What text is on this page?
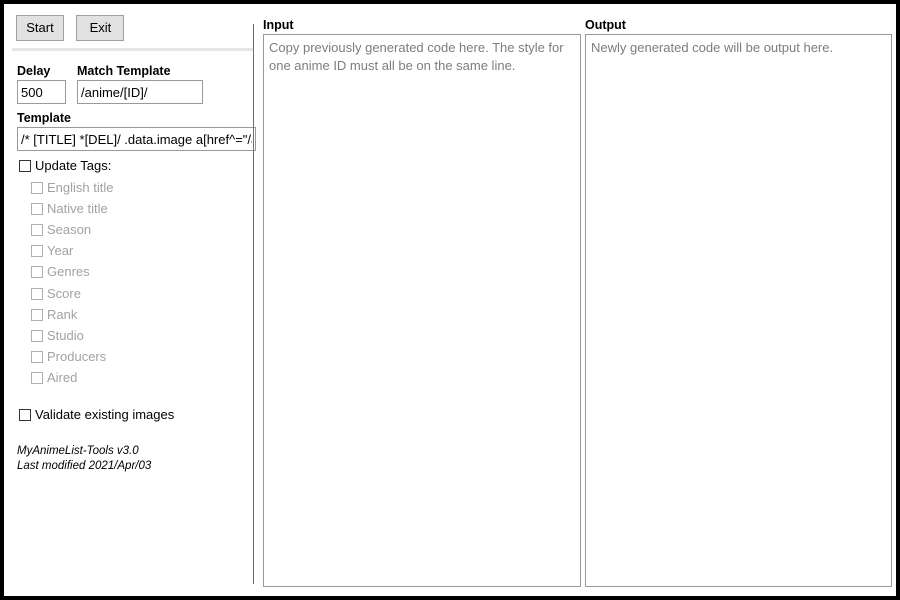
Start	Exit
Delay
500 Match Template
/anime/[ID]/
Template
/* [TITLE] *[DEL]/ .data.image a[href^="/anime/[ID]/"]::before { content: url([IMAGEURL]); }
Update Tags:
English title
Native title
Season
Year
Genres
Score
Rank
Studio
Producers
Aired
Validate existing images
MyAnimeList-Tools v3.0
Last modified 2021/Apr/03
Input
Copy previously generated code here. The style for one anime ID must all be on the same line.	Output
Newly generated code will be output here.
